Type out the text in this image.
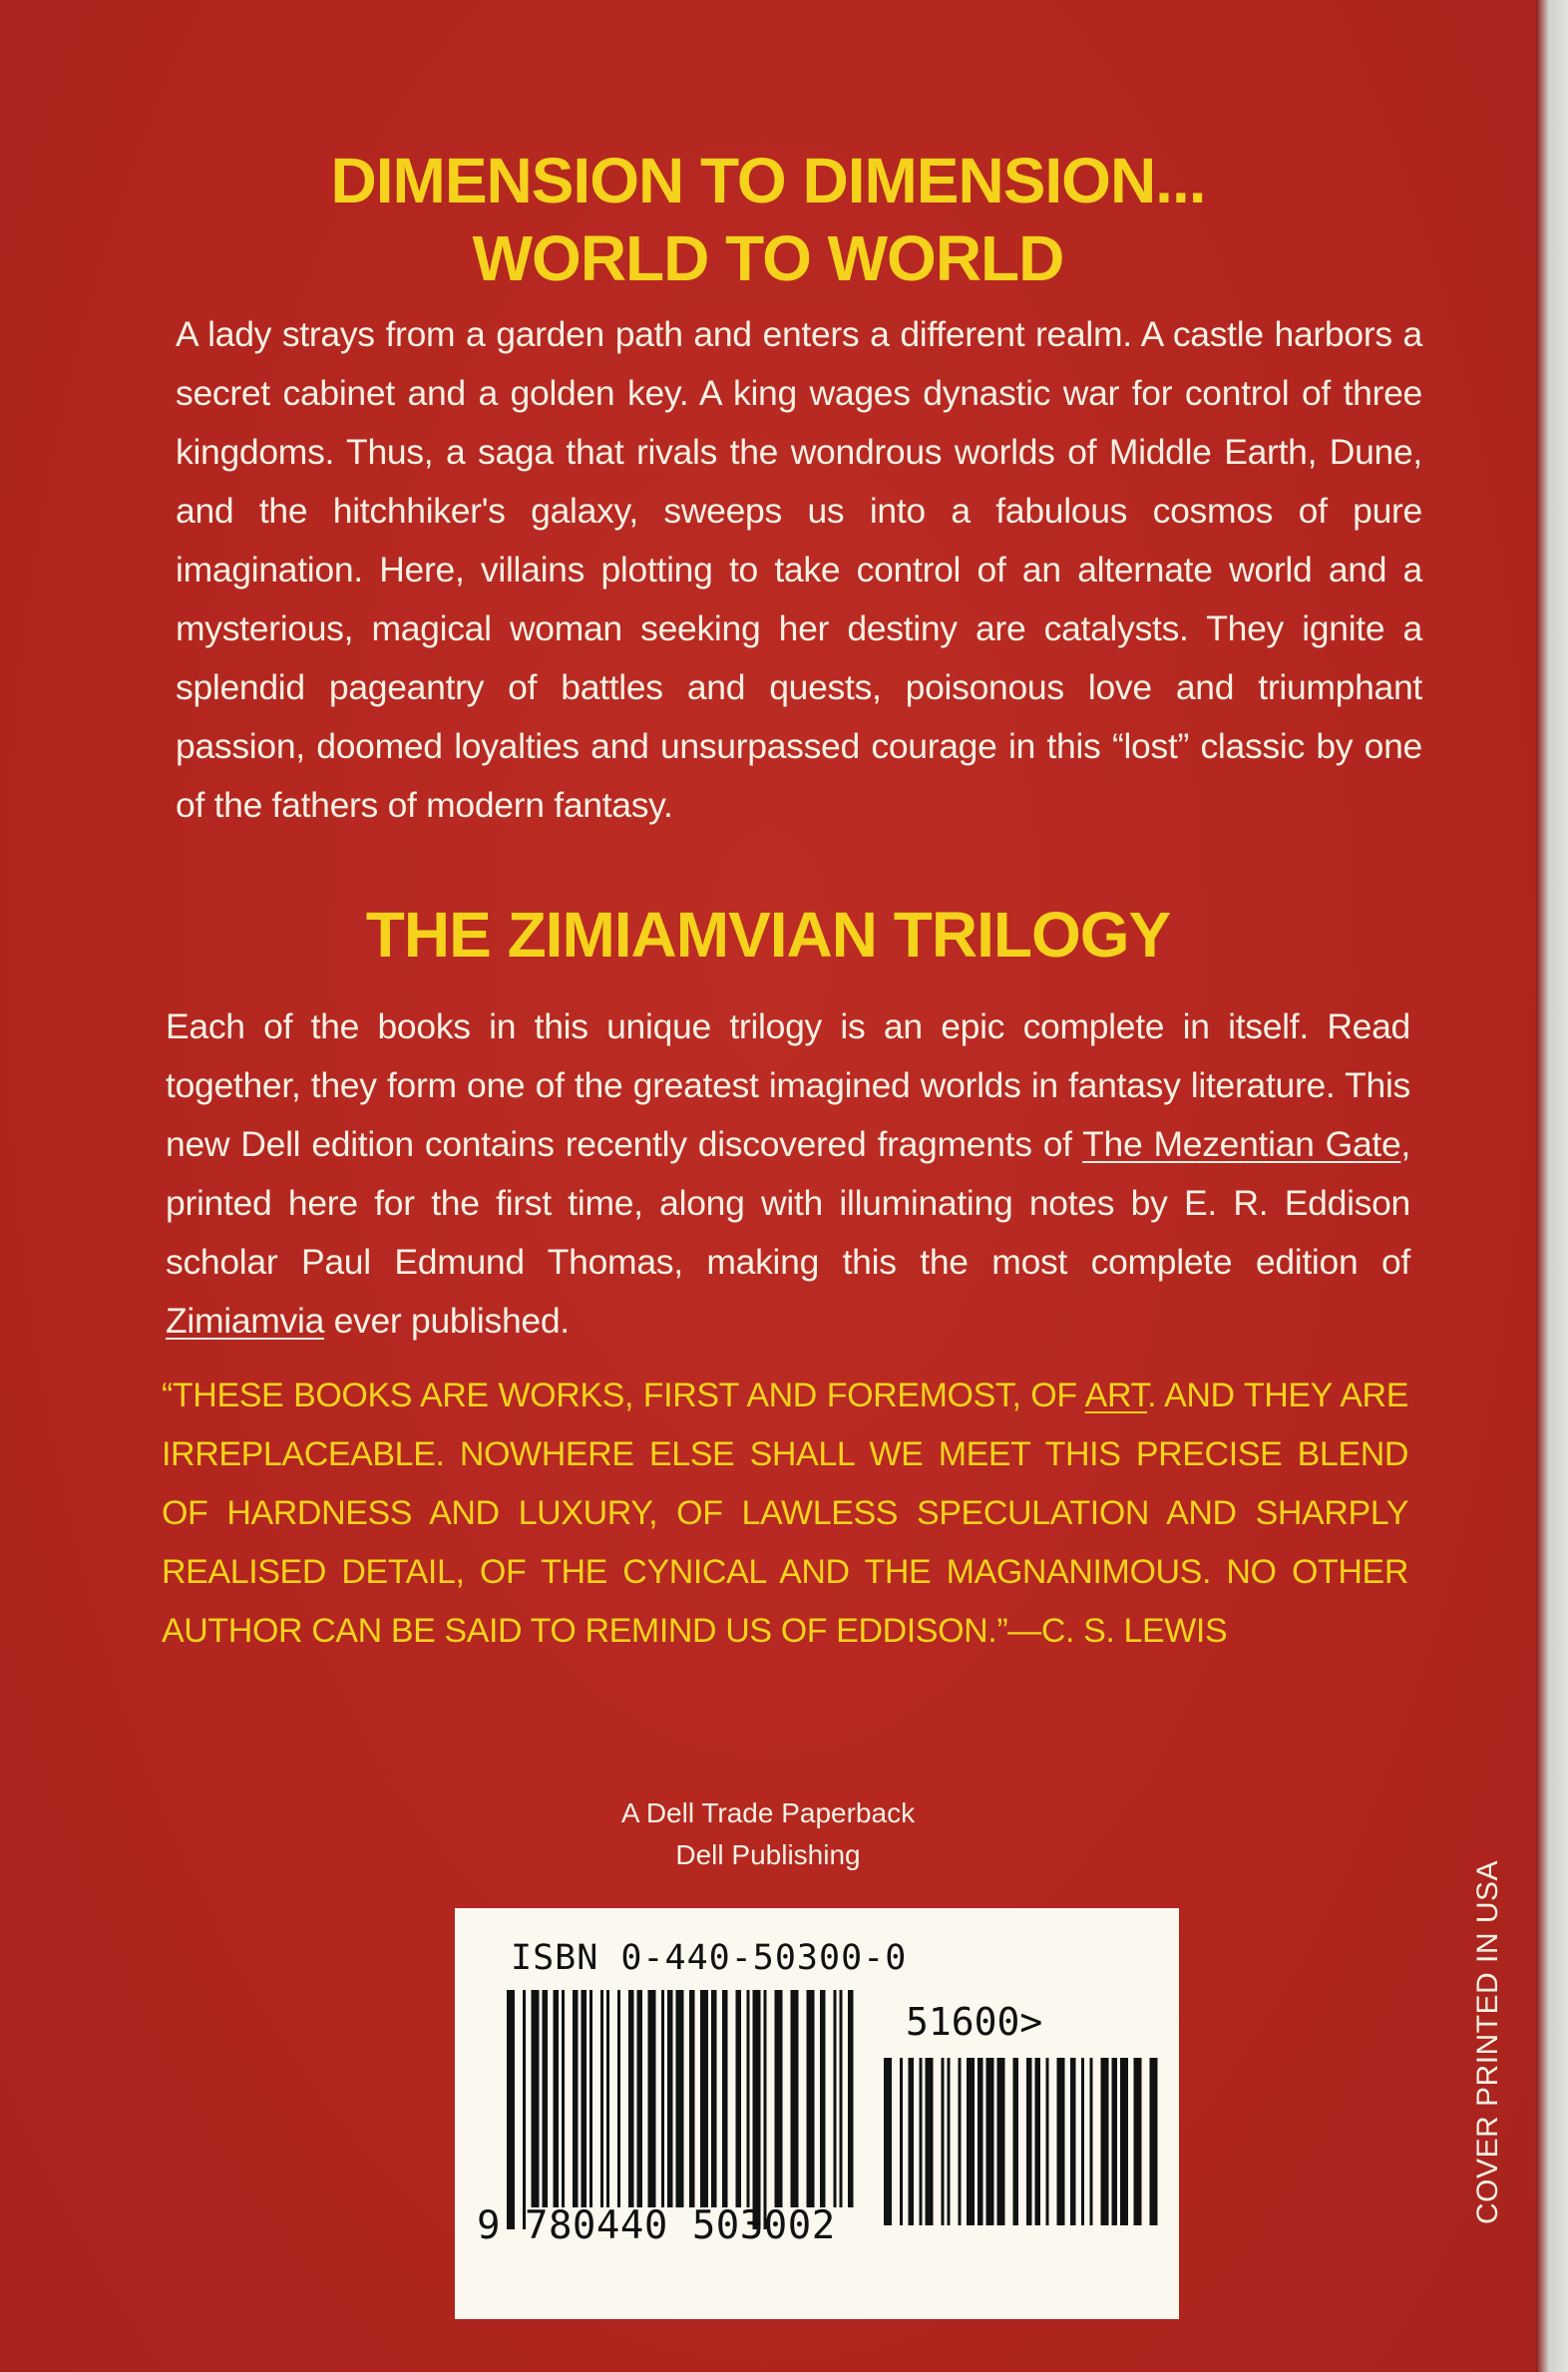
DIMENSION TO DIMENSION...
WORLD TO WORLD
A lady strays from a garden path and enters a different realm. A castle harbors a secret cabinet and a golden key. A king wages dynastic war for control of three kingdoms. Thus, a saga that rivals the wondrous worlds of Middle Earth, Dune, and the hitchhiker's galaxy, sweeps us into a fabulous cosmos of pure imagination. Here, villains plotting to take control of an alternate world and a mysterious, magical woman seeking her destiny are catalysts. They ignite a splendid pageantry of battles and quests, poisonous love and triumphant passion, doomed loyalties and unsurpassed courage in this “lost” classic by one of the fathers of modern fantasy.
THE ZIMIAMVIAN TRILOGY
Each of the books in this unique trilogy is an epic complete in itself. Read together, they form one of the greatest imagined worlds in fantasy literature. This new Dell edition contains recently discovered fragments of The Mezentian Gate, printed here for the first time, along with illuminating notes by E. R. Eddison scholar Paul Edmund Thomas, making this the most complete edition of Zimiamvia ever published.
“THESE BOOKS ARE WORKS, FIRST AND FOREMOST, OF ART. AND THEY ARE IRREPLACEABLE. NOWHERE ELSE SHALL WE MEET THIS PRECISE BLEND OF HARDNESS AND LUXURY, OF LAWLESS SPECULATION AND SHARPLY REALISED DETAIL, OF THE CYNICAL AND THE MAGNANIMOUS. NO OTHER AUTHOR CAN BE SAID TO REMIND US OF EDDISON.”—C. S. LEWIS
A Dell Trade Paperback
Dell Publishing
ISBN 0-440-50300-0
51600>
9 780440 503002
COVER PRINTED IN USA
